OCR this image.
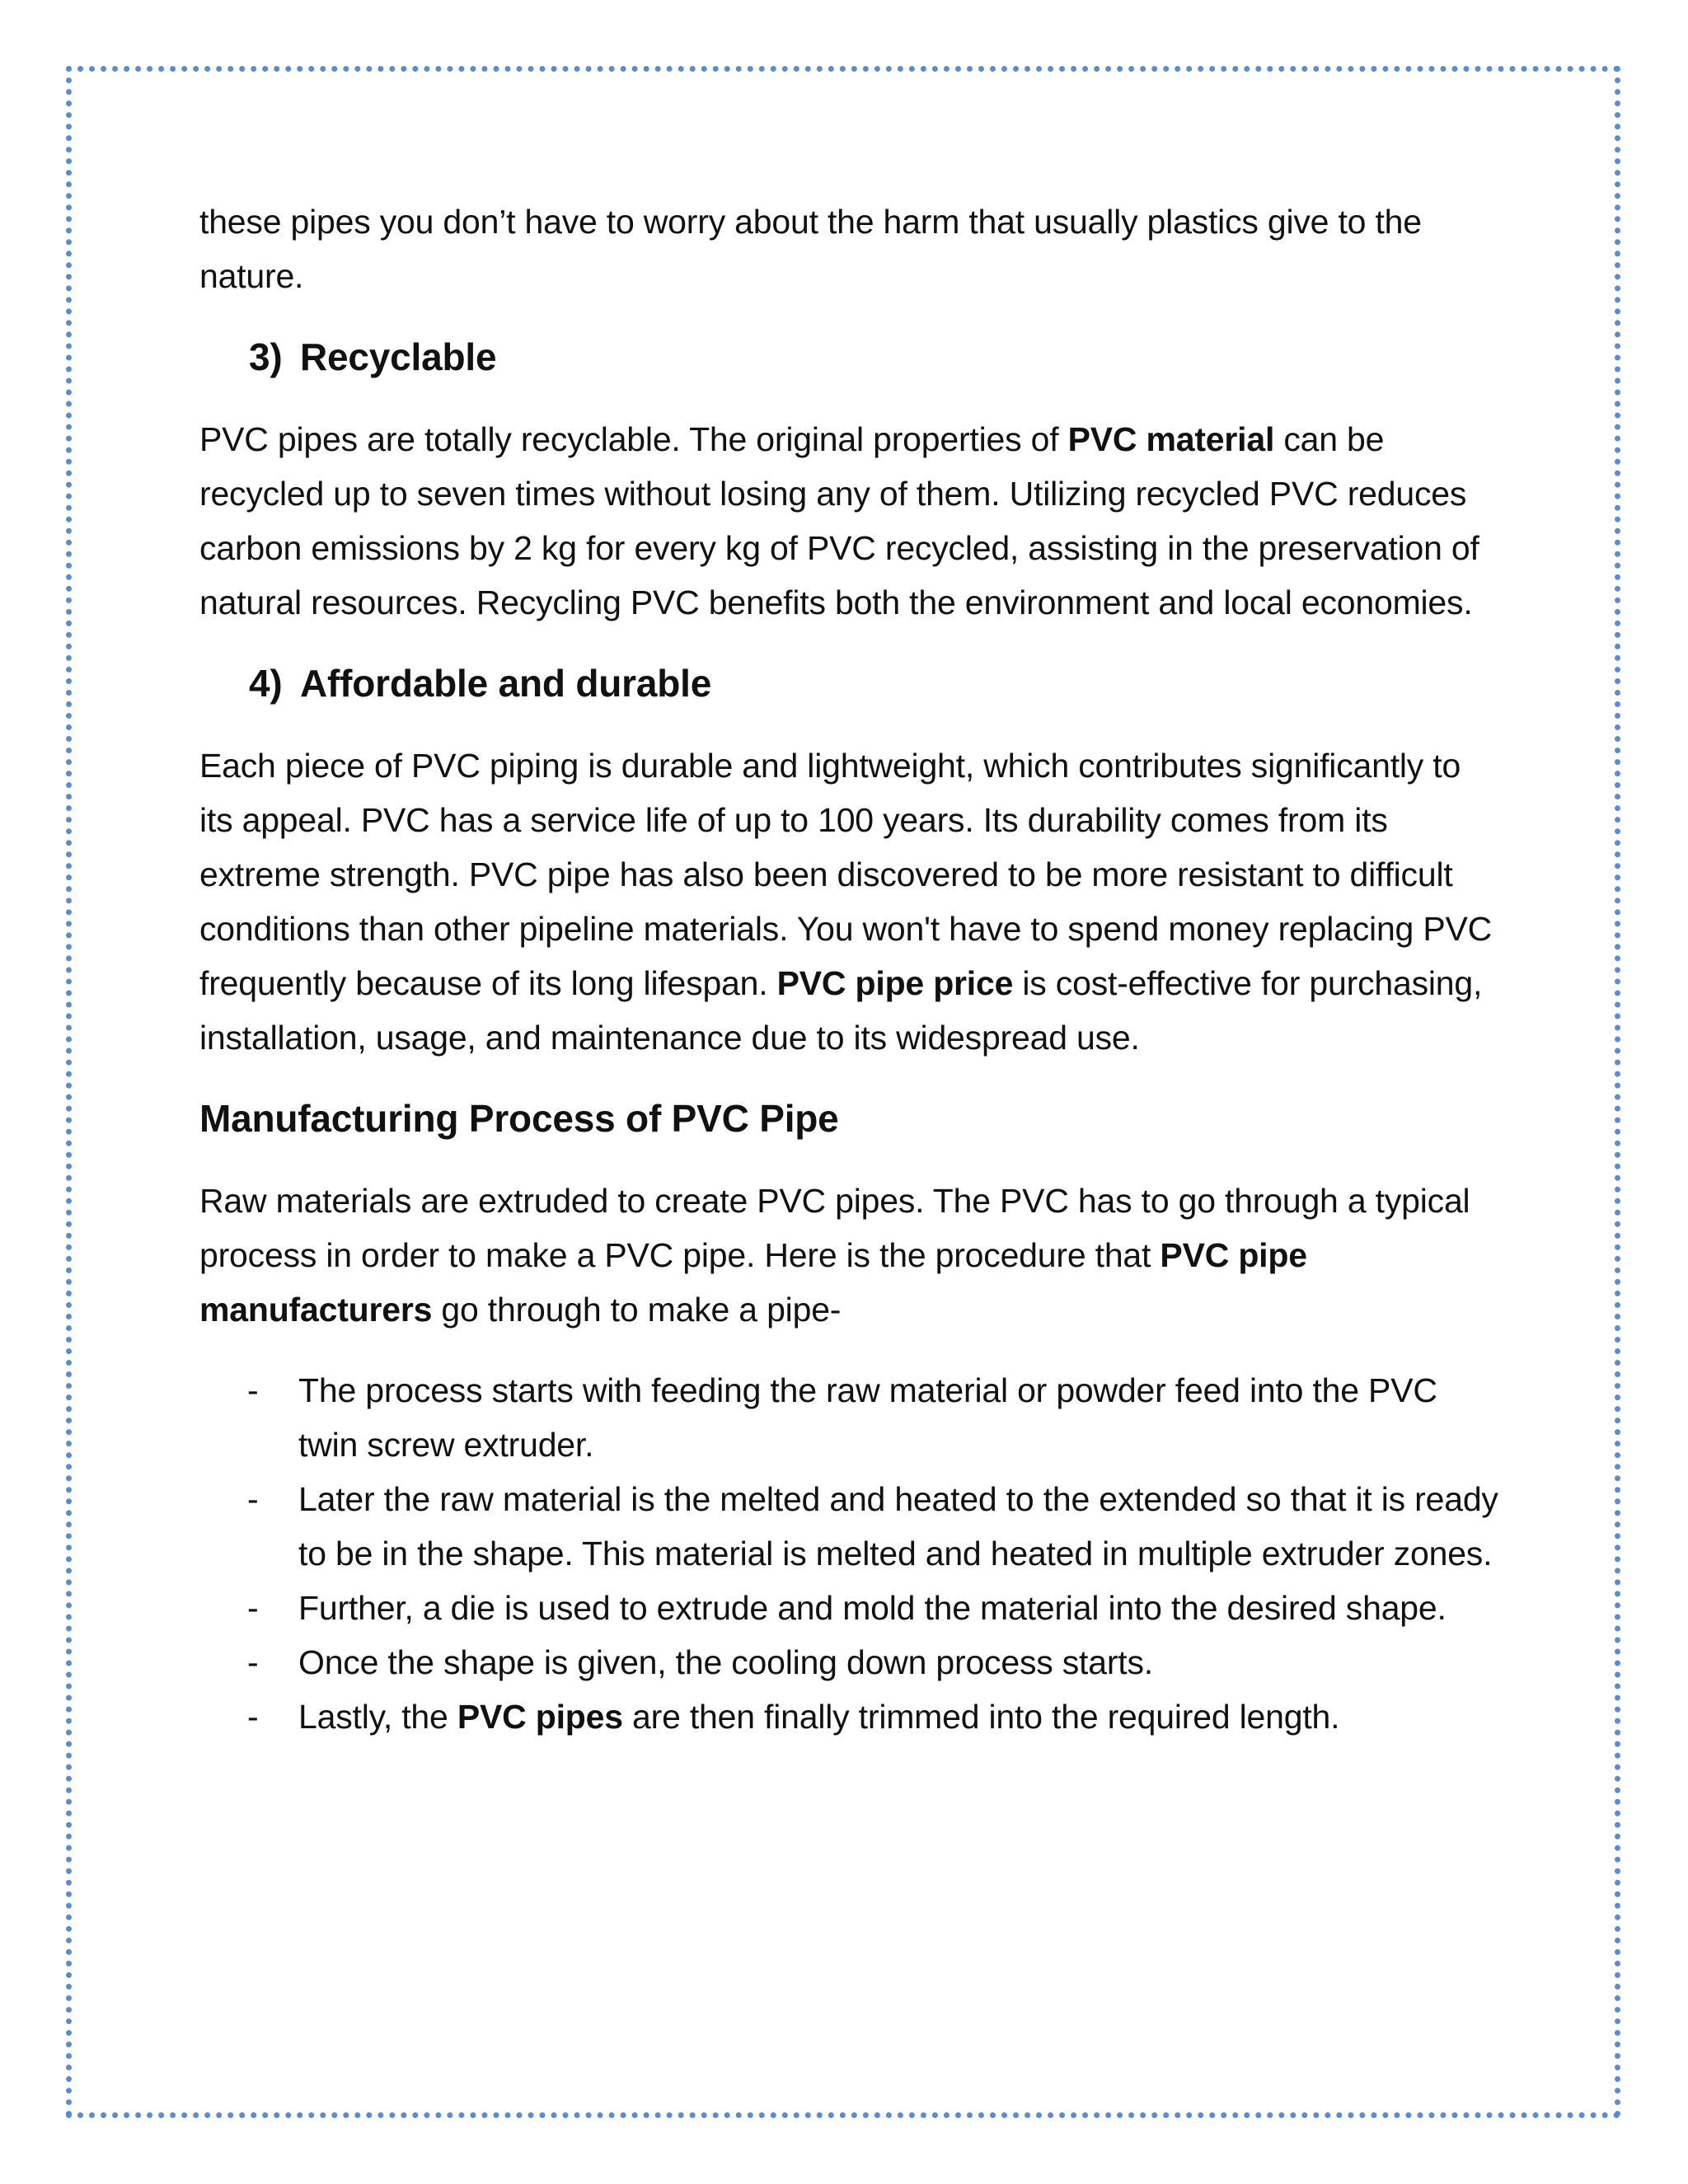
these pipes you don’t have to worry about the harm that usually plastics give to the nature.

3) Recyclable

PVC pipes are totally recyclable. The original properties of PVC material can be recycled up to seven times without losing any of them. Utilizing recycled PVC reduces carbon emissions by 2 kg for every kg of PVC recycled, assisting in the preservation of natural resources. Recycling PVC benefits both the environment and local economies.

4) Affordable and durable

Each piece of PVC piping is durable and lightweight, which contributes significantly to its appeal. PVC has a service life of up to 100 years. Its durability comes from its extreme strength. PVC pipe has also been discovered to be more resistant to difficult conditions than other pipeline materials. You won't have to spend money replacing PVC frequently because of its long lifespan. PVC pipe price is cost-effective for purchasing, installation, usage, and maintenance due to its widespread use.

Manufacturing Process of PVC Pipe

Raw materials are extruded to create PVC pipes. The PVC has to go through a typical process in order to make a PVC pipe. Here is the procedure that PVC pipe manufacturers go through to make a pipe-

- The process starts with feeding the raw material or powder feed into the PVC twin screw extruder.
- Later the raw material is the melted and heated to the extended so that it is ready to be in the shape. This material is melted and heated in multiple extruder zones.
- Further, a die is used to extrude and mold the material into the desired shape.
- Once the shape is given, the cooling down process starts.
- Lastly, the PVC pipes are then finally trimmed into the required length.
